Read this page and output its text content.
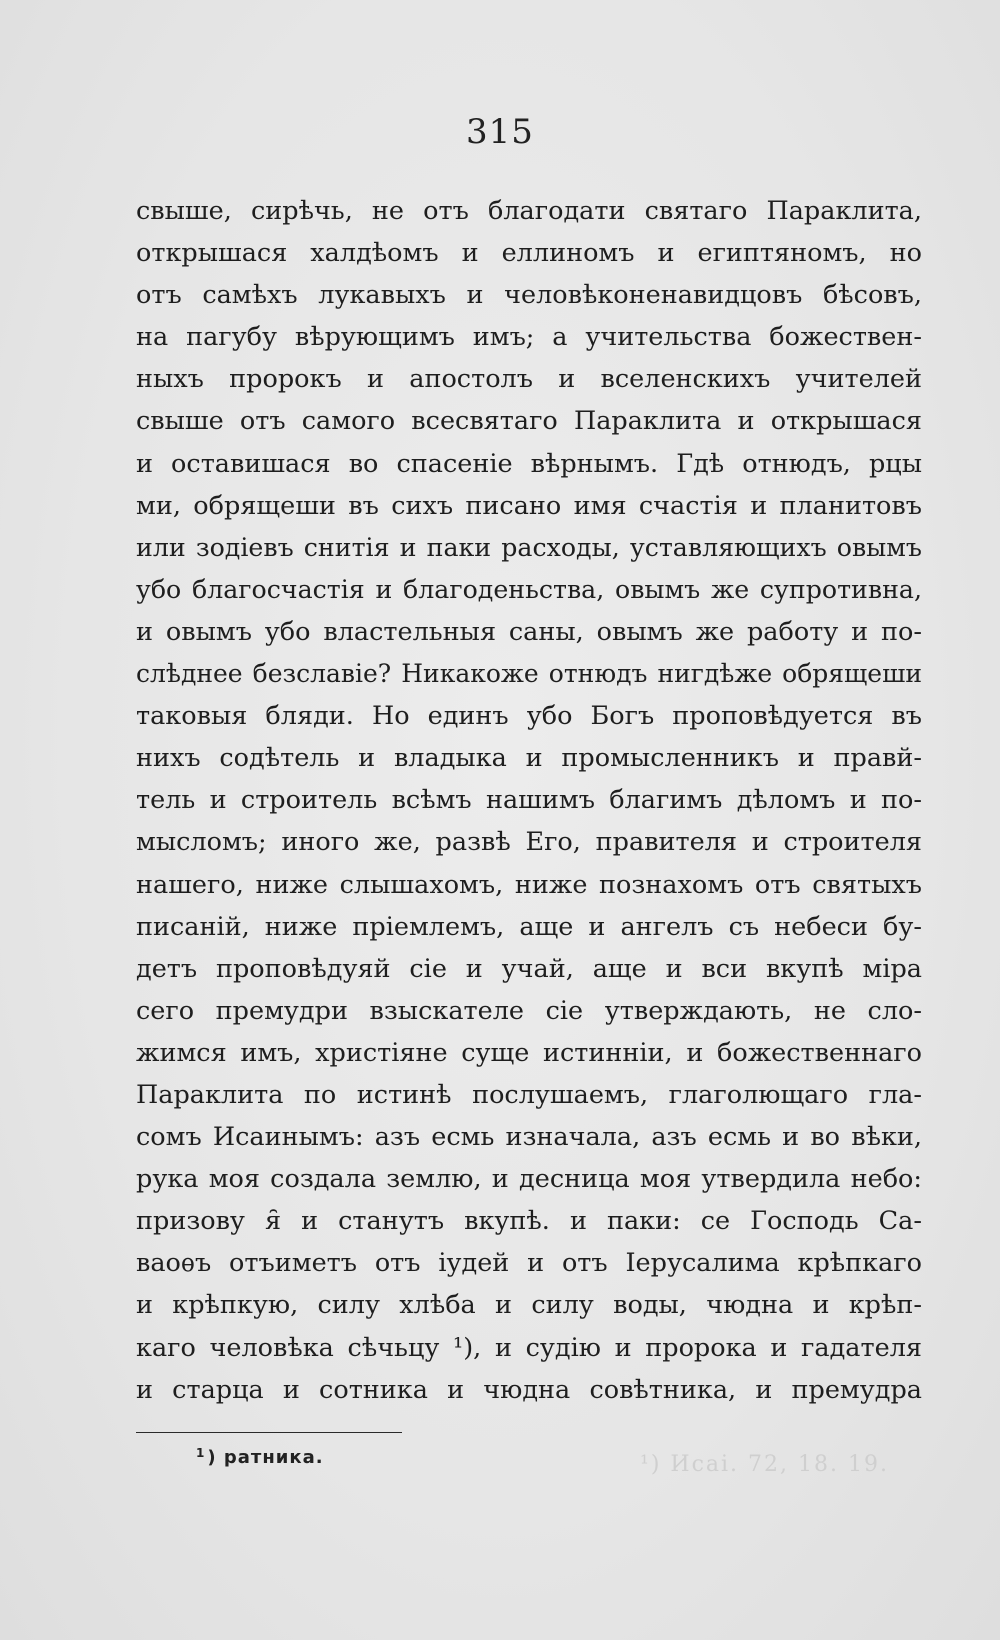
315
свыше, сирѣчь, не отъ благодати святаго Параклита,
открышася халдѣомъ и еллиномъ и египтяномъ, но
отъ самѣхъ лукавыхъ и человѣконенавидцовъ бѣсовъ,
на пагубу вѣрующимъ имъ; а учительства божествен-
ныхъ пророкъ и апостолъ и вселенскихъ учителей
свыше отъ самого всесвятаго Параклита и открышася
и оставишася во спасеніе вѣрнымъ. Гдѣ отнюдъ, рцы
ми, обрящеши въ сихъ писано имя счастія и планитовъ
или зодіевъ снитія и паки расходы, уставляющихъ овымъ
убо благосчастія и благоденьства, овымъ же супротивна,
и овымъ убо властельныя саны, овымъ же работу и по-
слѣднее безславіе? Никакоже отнюдъ нигдѣже обрящеши
таковыя бляди. Но единъ убо Богъ проповѣдуется въ
нихъ содѣтель и владыка и промысленникъ и правй-
тель и строитель всѣмъ нашимъ благимъ дѣломъ и по-
мысломъ; иного же, развѣ Его, правителя и строителя
нашего, ниже слышахомъ, ниже познахомъ отъ святыхъ
писаній, ниже пріемлемъ, аще и ангелъ съ небеси бу-
детъ проповѣдуяй сіе и учай, аще и вси вкупѣ міра
сего премудри взыскателе сіе утверждають, не сло-
жимся имъ, христіяне суще истинніи, и божественнаго
Параклита по истинѣ послушаемъ, глаголющаго гла-
сомъ Исаинымъ: азъ есмь изначала, азъ есмь и во вѣки,
рука моя создала землю, и десница моя утвердила небо:
призову я̑ и станутъ вкупѣ. и паки: се Господь Са-
ваоѳъ отъиметъ отъ іудей и отъ Іерусалима крѣпкаго
и крѣпкую, силу хлѣба и силу воды, чюдна и крѣп-
каго человѣка сѣчьцу ¹), и судію и пророка и гадателя
и старца и сотника и чюдна совѣтника, и премудра
$^1$ ) ратника.	¹) Исаі. 72, 18. 19.
